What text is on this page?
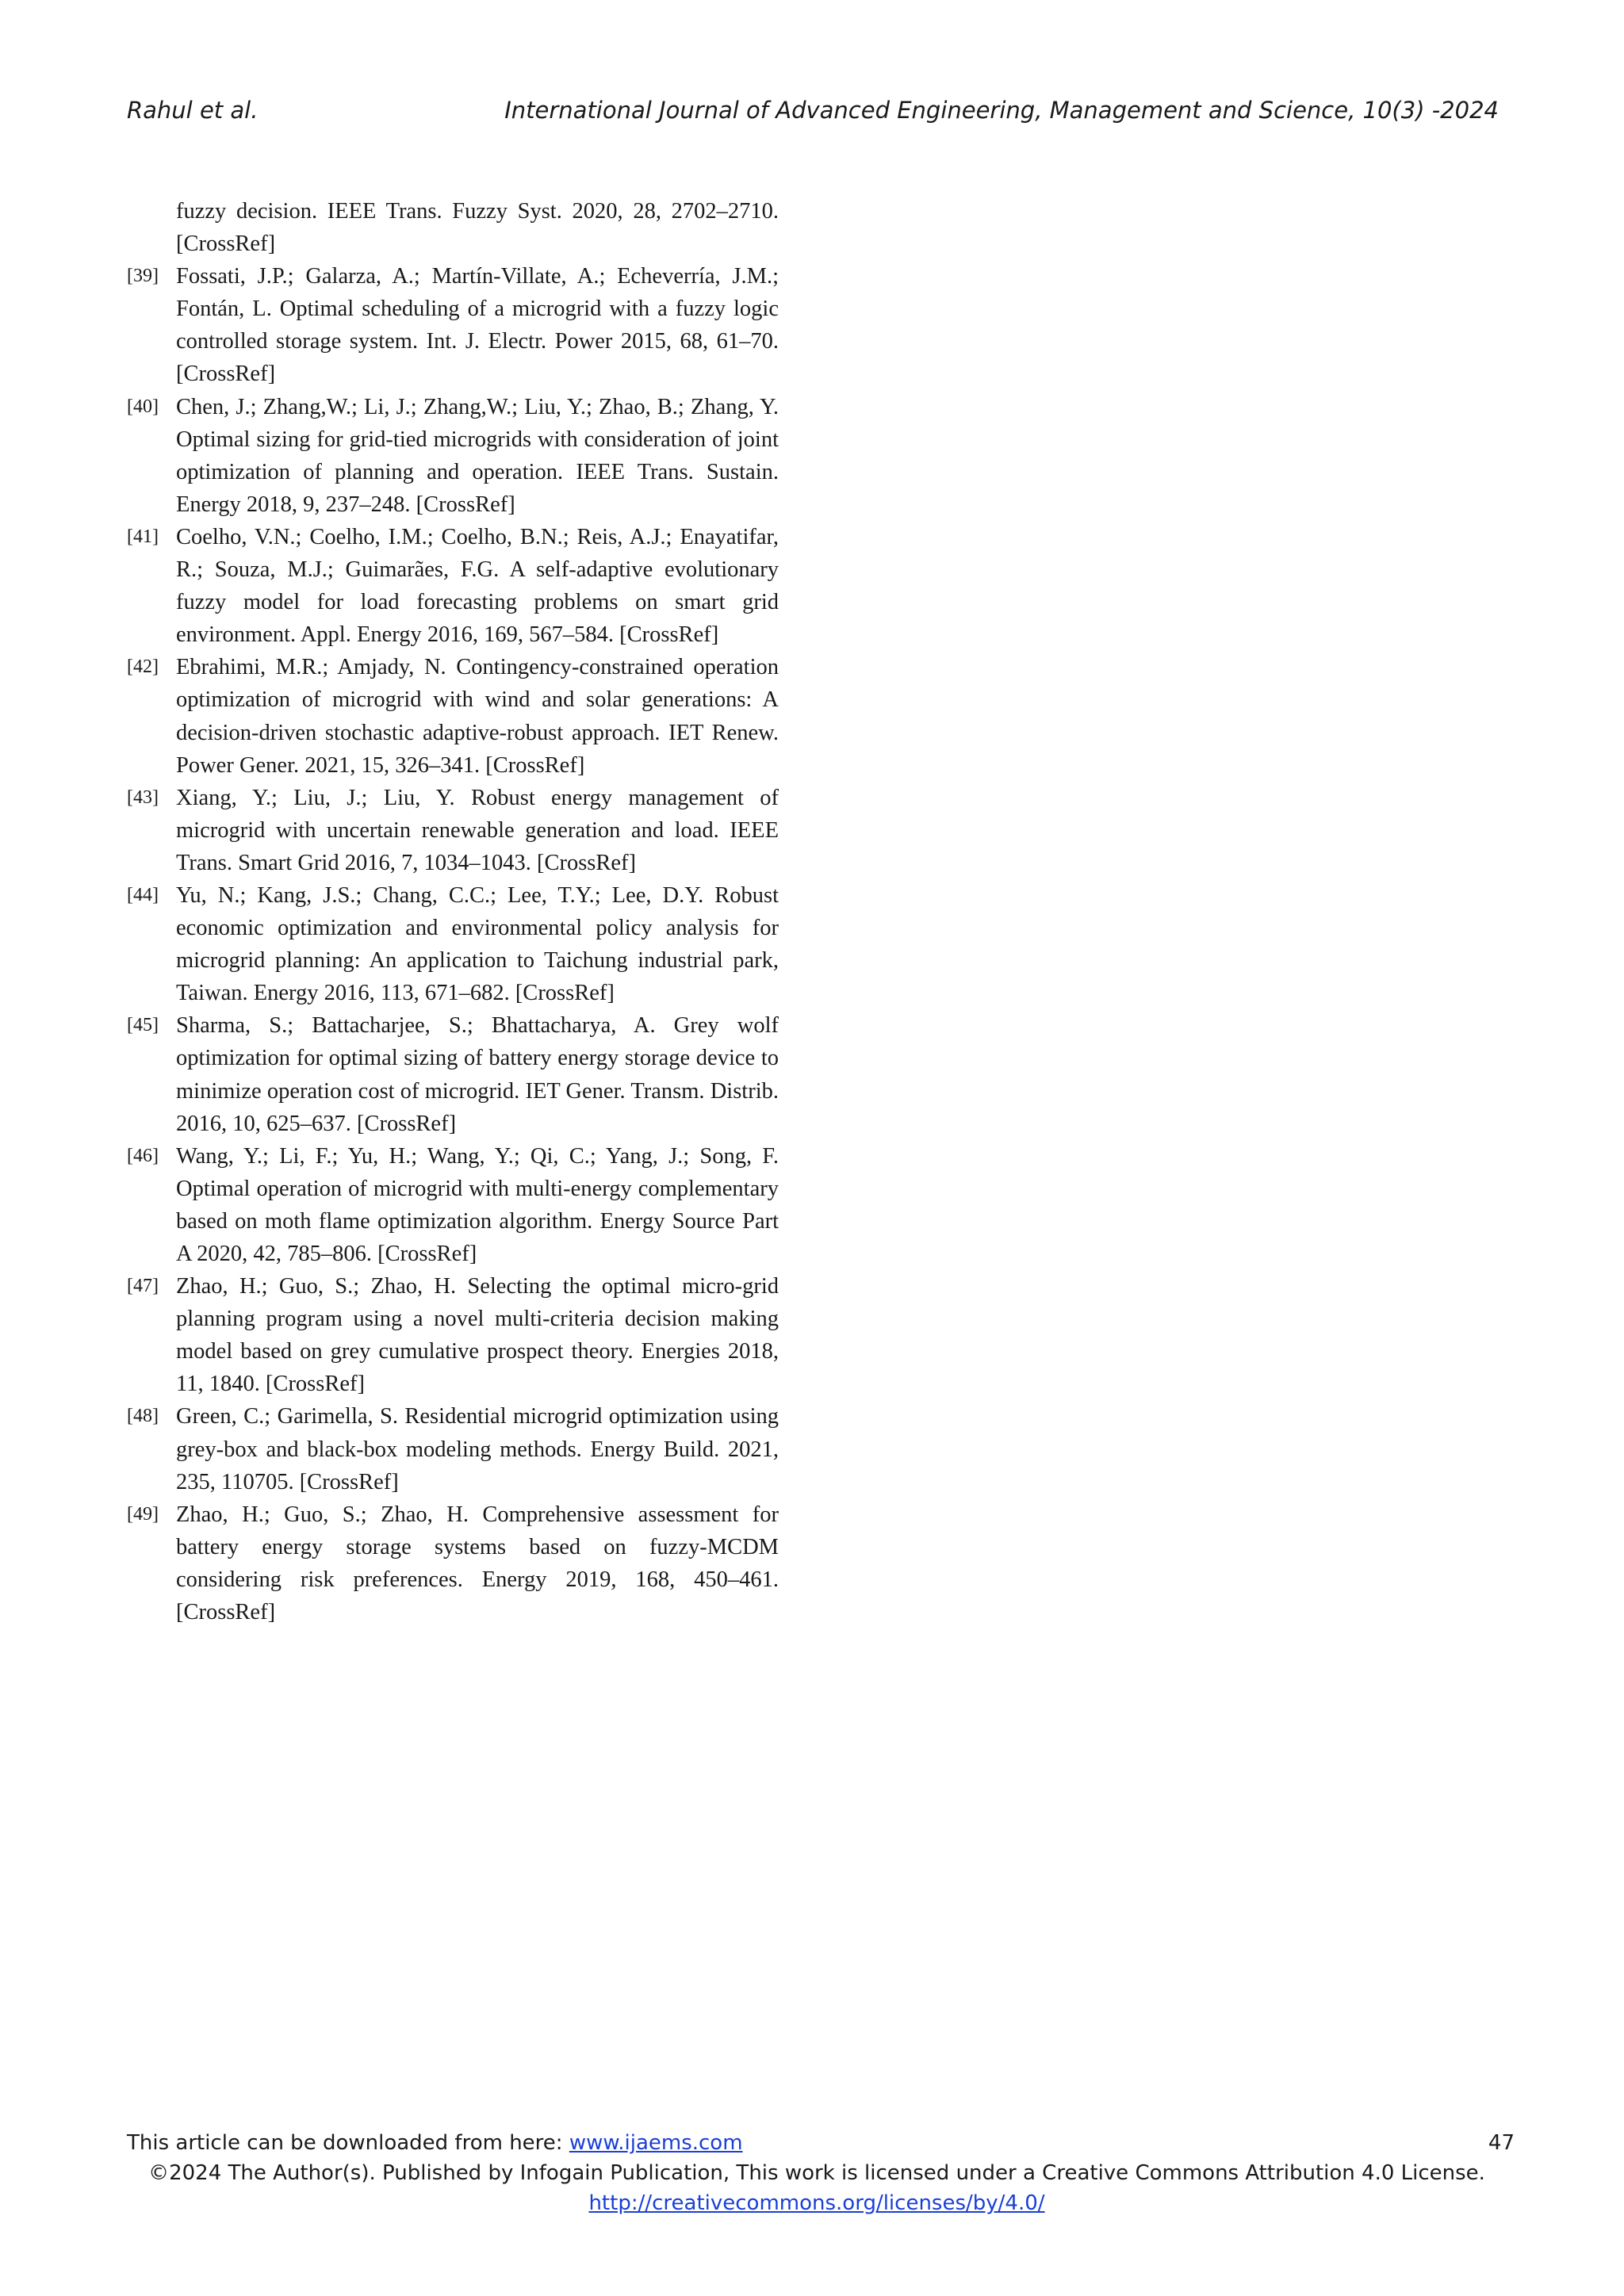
Rahul et al.	International Journal of Advanced Engineering, Management and Science, 10(3) -2024
fuzzy decision. IEEE Trans. Fuzzy Syst. 2020, 28, 2702–2710. [CrossRef]
[39] Fossati, J.P.; Galarza, A.; Martín-Villate, A.; Echeverría, J.M.; Fontán, L. Optimal scheduling of a microgrid with a fuzzy logic controlled storage system. Int. J. Electr. Power 2015, 68, 61–70. [CrossRef]
[40] Chen, J.; Zhang,W.; Li, J.; Zhang,W.; Liu, Y.; Zhao, B.; Zhang, Y. Optimal sizing for grid-tied microgrids with consideration of joint optimization of planning and operation. IEEE Trans. Sustain. Energy 2018, 9, 237–248. [CrossRef]
[41] Coelho, V.N.; Coelho, I.M.; Coelho, B.N.; Reis, A.J.; Enayatifar, R.; Souza, M.J.; Guimarães, F.G. A self-adaptive evolutionary fuzzy model for load forecasting problems on smart grid environment. Appl. Energy 2016, 169, 567–584. [CrossRef]
[42] Ebrahimi, M.R.; Amjady, N. Contingency-constrained operation optimization of microgrid with wind and solar generations: A decision-driven stochastic adaptive-robust approach. IET Renew. Power Gener. 2021, 15, 326–341. [CrossRef]
[43] Xiang, Y.; Liu, J.; Liu, Y. Robust energy management of microgrid with uncertain renewable generation and load. IEEE Trans. Smart Grid 2016, 7, 1034–1043. [CrossRef]
[44] Yu, N.; Kang, J.S.; Chang, C.C.; Lee, T.Y.; Lee, D.Y. Robust economic optimization and environmental policy analysis for microgrid planning: An application to Taichung industrial park, Taiwan. Energy 2016, 113, 671–682. [CrossRef]
[45] Sharma, S.; Battacharjee, S.; Bhattacharya, A. Grey wolf optimization for optimal sizing of battery energy storage device to minimize operation cost of microgrid. IET Gener. Transm. Distrib. 2016, 10, 625–637. [CrossRef]
[46] Wang, Y.; Li, F.; Yu, H.; Wang, Y.; Qi, C.; Yang, J.; Song, F. Optimal operation of microgrid with multi-energy complementary based on moth flame optimization algorithm. Energy Source Part A 2020, 42, 785–806. [CrossRef]
[47] Zhao, H.; Guo, S.; Zhao, H. Selecting the optimal micro-grid planning program using a novel multi-criteria decision making model based on grey cumulative prospect theory. Energies 2018, 11, 1840. [CrossRef]
[48] Green, C.; Garimella, S. Residential microgrid optimization using grey-box and black-box modeling methods. Energy Build. 2021, 235, 110705. [CrossRef]
[49] Zhao, H.; Guo, S.; Zhao, H. Comprehensive assessment for battery energy storage systems based on fuzzy-MCDM considering risk preferences. Energy 2019, 168, 450–461. [CrossRef]
This article can be downloaded from here: www.ijaems.com	47
©2024 The Author(s). Published by Infogain Publication, This work is licensed under a Creative Commons Attribution 4.0 License.
http://creativecommons.org/licenses/by/4.0/
